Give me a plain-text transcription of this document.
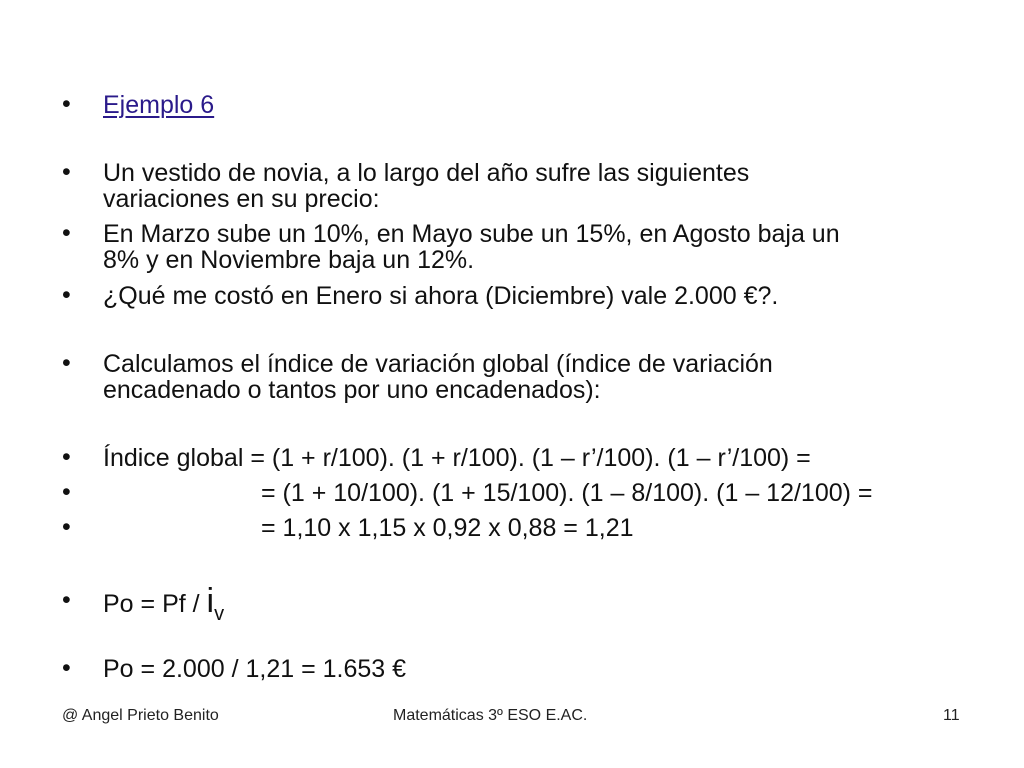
• Ejemplo 6
• Un vestido de novia, a lo largo del año sufre las siguientes
variaciones en su precio:
• En Marzo sube un 10%, en Mayo sube un 15%, en Agosto baja un
8% y en Noviembre baja un 12%.
• ¿Qué me costó en Enero si ahora (Diciembre) vale 2.000 €?.
• Calculamos el índice de variación global (índice de variación
encadenado o tantos por uno encadenados):
• Índice global = (1 + r/100). (1 + r/100). (1 – r’/100). (1 – r’/100) =
•	= (1 + 10/100). (1 + 15/100). (1 – 8/100). (1 – 12/100) =
•	= 1,10 x 1,15 x 0,92 x 0,88 = 1,21
• $Po = Pf / i_v$
• Po = 2.000 / 1,21 = 1.653 €
@ Angel Prieto Benito	Matemáticas 3º ESO E.AC.	11
